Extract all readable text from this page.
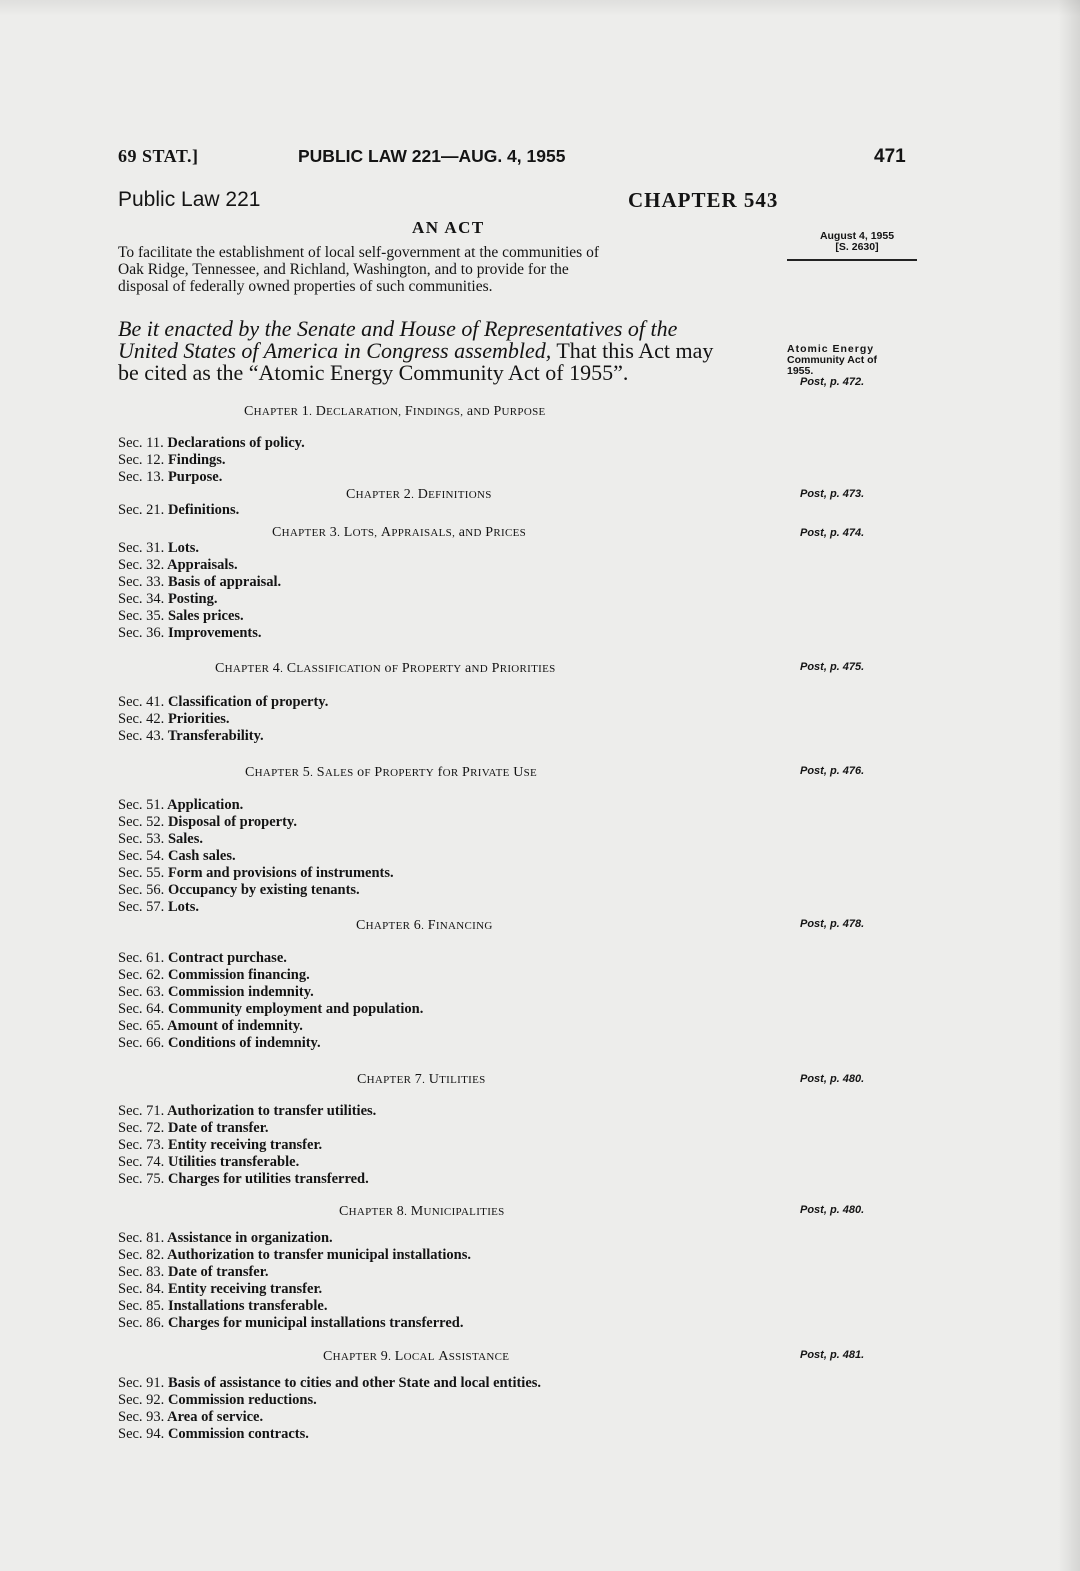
69 STAT.]	PUBLIC LAW 221—AUG. 4, 1955	471
Public Law 221	CHAPTER 543
AN ACT
To facilitate the establishment of local self-government at the communities of
Oak Ridge, Tennessee, and Richland, Washington, and to provide for the
disposal of federally owned properties of such communities.
August 4, 1955
[S. 2630]
Be it enacted by the Senate and House of Representatives of the
United States of America in Congress assembled, That this Act may
be cited as the “Atomic Energy Community Act of 1955”.
Atomic Energy
Community Act of
1955.
Post, p. 472.
CHAPTER 1. DECLARATION, FINDINGS, aND PURPOSE
Sec. 11. Declarations of policy.
Sec. 12. Findings.
Sec. 13. Purpose.
CHAPTER 2. DEFINITIONS	Post, p. 473.
Sec. 21. Definitions.
CHAPTER 3. LOTS, APPRAISALS, aND PRICES	Post, p. 474.
Sec. 31. Lots.
Sec. 32. Appraisals.
Sec. 33. Basis of appraisal.
Sec. 34. Posting.
Sec. 35. Sales prices.
Sec. 36. Improvements.
CHAPTER 4. CLASSIFICATION oF PROPERTY aND PRIORITIES	Post, p. 475.
Sec. 41. Classification of property.
Sec. 42. Priorities.
Sec. 43. Transferability.
CHAPTER 5. SALES oF PROPERTY fOR PRIVATE USE	Post, p. 476.
Sec. 51. Application.
Sec. 52. Disposal of property.
Sec. 53. Sales.
Sec. 54. Cash sales.
Sec. 55. Form and provisions of instruments.
Sec. 56. Occupancy by existing tenants.
Sec. 57. Lots.
CHAPTER 6. FINANCING	Post, p. 478.
Sec. 61. Contract purchase.
Sec. 62. Commission financing.
Sec. 63. Commission indemnity.
Sec. 64. Community employment and population.
Sec. 65. Amount of indemnity.
Sec. 66. Conditions of indemnity.
CHAPTER 7. UTILITIES	Post, p. 480.
Sec. 71. Authorization to transfer utilities.
Sec. 72. Date of transfer.
Sec. 73. Entity receiving transfer.
Sec. 74. Utilities transferable.
Sec. 75. Charges for utilities transferred.
CHAPTER 8. MUNICIPALITIES	Post, p. 480.
Sec. 81. Assistance in organization.
Sec. 82. Authorization to transfer municipal installations.
Sec. 83. Date of transfer.
Sec. 84. Entity receiving transfer.
Sec. 85. Installations transferable.
Sec. 86. Charges for municipal installations transferred.
CHAPTER 9. LOCAL ASSISTANCE	Post, p. 481.
Sec. 91. Basis of assistance to cities and other State and local entities.
Sec. 92. Commission reductions.
Sec. 93. Area of service.
Sec. 94. Commission contracts.
